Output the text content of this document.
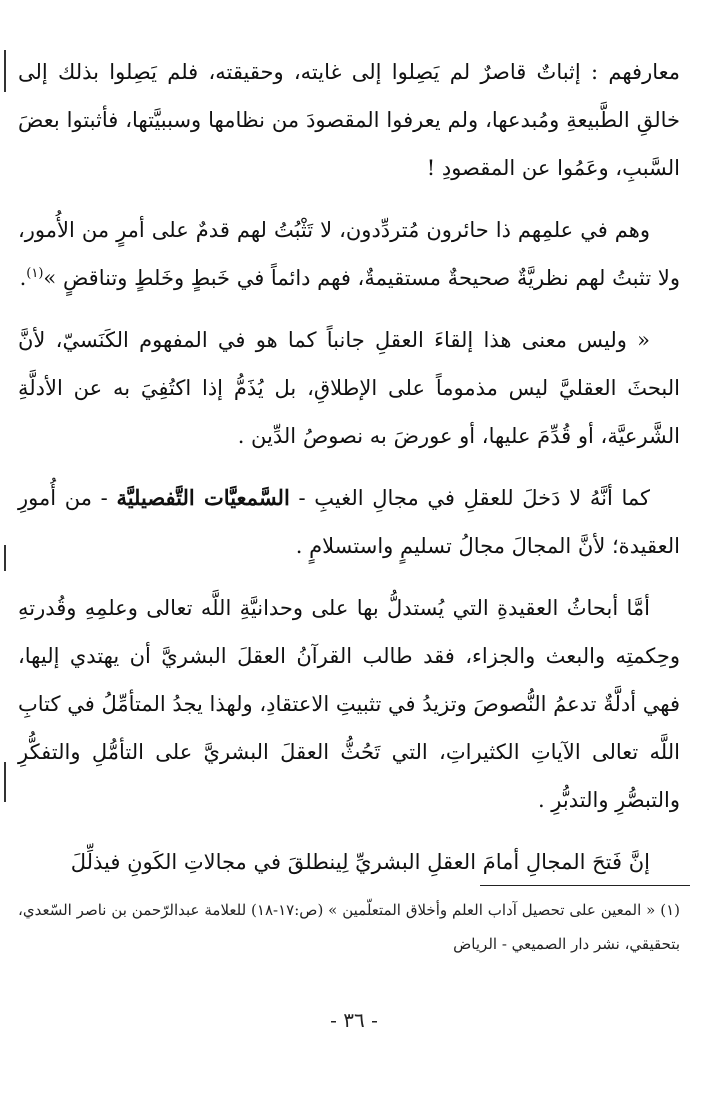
معارفهم : إثباتٌ قاصرٌ لم يَصِلوا إلى غايته، وحقيقته، فلم يَصِلوا بذلك إلى خالقِ الطَّبيعةِ ومُبدعها، ولم يعرفوا المقصودَ من نظامها وسببيَّتها، فأثبتوا بعضَ السَّببِ، وعَمُوا عن المقصودِ !

وهم في علمِهم ذا حائرون مُتردِّدون، لا تَثْبُتُ لهم قدمٌ على أمرٍ من الأُمور، ولا تثبتُ لهم نظريَّةٌ صحيحةٌ مستقيمةٌ، فهم دائماً في خَبطٍ وخَلطٍ وتناقضٍ »$^{(١)}$.

« وليس معنى هذا إلقاءَ العقلِ جانباً كما هو في المفهوم الكَنَسيّ، لأنَّ البحثَ العقليَّ ليس مذموماً على الإطلاقِ، بل يُذَمُّ إذا اكتُفِيَ به عن الأدلَّةِ الشَّرعيَّة، أو قُدِّمَ عليها، أو عورضَ به نصوصُ الدِّين .

كما أنَّهُ لا دَخلَ للعقلِ في مجالِ الغيبِ - السَّمعيَّات التَّفصيليَّة - من أُمورِ العقيدة؛ لأنَّ المجالَ مجالُ تسليمٍ واستسلامٍ .

أمَّا أبحاثُ العقيدةِ التي يُستدلُّ بها على وحدانيَّةِ اللَّه تعالى وعلمِهِ وقُدرتهِ وحِكمتِه والبعث والجزاء، فقد طالب القرآنُ العقلَ البشريَّ أن يهتدي إليها، فهي أدلَّةٌ تدعمُ النُّصوصَ وتزيدُ في تثبيتِ الاعتقادِ، ولهذا يجدُ المتأمِّلُ في كتابِ اللَّه تعالى الآياتِ الكثيراتِ، التي تَحُثُّ العقلَ البشريَّ على التأمُّلِ والتفكُّرِ والتبصُّرِ والتدبُّرِ .

إنَّ فَتحَ المجالِ أمامَ العقلِ البشريِّ لِينطلقَ في مجالاتِ الكَونِ فيذلِّلَ

(١) « المعين على تحصيل آداب العلم وأخلاق المتعلّمين » (ص:١٧-١٨) للعلامة عبدالرّحمن بن ناصر السّعدي، بتحقيقي، نشر دار الصميعي - الرياض
- ٣٦ -
